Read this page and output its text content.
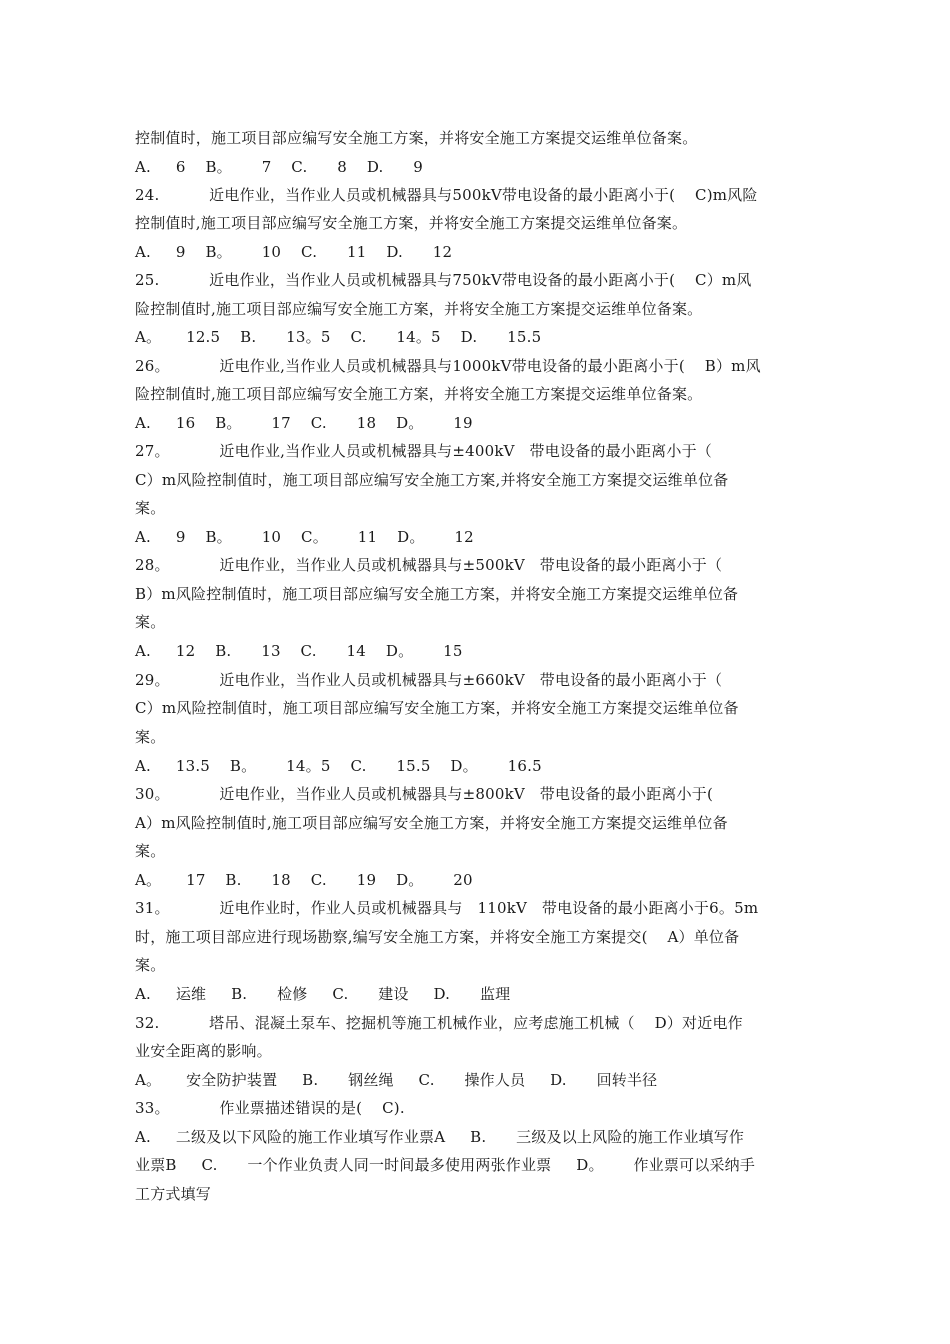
控制值时，施工项目部应编写安全施工方案，并将安全施工方案提交运维单位备案。
A.     6    B。      7    C.      8    D.      9
24.          近电作业，当作业人员或机械器具与500kV带电设备的最小距离小于(    C)m风险
控制值时,施工项目部应编写安全施工方案，并将安全施工方案提交运维单位备案。
A.     9    B。      10    C.      11    D.      12
25.          近电作业，当作业人员或机械器具与750kV带电设备的最小距离小于(    C）m风
险控制值时,施工项目部应编写安全施工方案，并将安全施工方案提交运维单位备案。
A。     12.5    B.      13。5    C.      14。5    D.      15.5
26。          近电作业,当作业人员或机械器具与1000kV带电设备的最小距离小于(    B）m风
险控制值时,施工项目部应编写安全施工方案，并将安全施工方案提交运维单位备案。
A.     16    B。      17    C.      18    D。      19
27。          近电作业,当作业人员或机械器具与±400kV   带电设备的最小距离小于（
C）m风险控制值时，施工项目部应编写安全施工方案,并将安全施工方案提交运维单位备
案。
A.     9    B。      10    C。      11    D。      12
28。          近电作业，当作业人员或机械器具与±500kV   带电设备的最小距离小于（
B）m风险控制值时，施工项目部应编写安全施工方案，并将安全施工方案提交运维单位备
案。
A.     12    B.      13    C.      14    D。      15
29。          近电作业，当作业人员或机械器具与±660kV   带电设备的最小距离小于（
C）m风险控制值时，施工项目部应编写安全施工方案，并将安全施工方案提交运维单位备
案。
A.     13.5    B。      14。5    C.      15.5    D。      16.5
30。          近电作业，当作业人员或机械器具与±800kV   带电设备的最小距离小于(
A）m风险控制值时,施工项目部应编写安全施工方案，并将安全施工方案提交运维单位备
案。
A。     17    B.      18    C.      19    D。      20
31。          近电作业时，作业人员或机械器具与   110kV   带电设备的最小距离小于6。5m
时，施工项目部应进行现场勘察,编写安全施工方案，并将安全施工方案提交(    A）单位备
案。
A.     运维     B.      检修     C.      建设     D.      监理
32.          塔吊、混凝土泵车、挖掘机等施工机械作业，应考虑施工机械（    D）对近电作
业安全距离的影响。
A。     安全防护装置     B.      钢丝绳     C.      操作人员     D.      回转半径
33。          作业票描述错误的是(    C).
A.     二级及以下风险的施工作业填写作业票A     B.      三级及以上风险的施工作业填写作
业票B     C.      一个作业负责人同一时间最多使用两张作业票     D。      作业票可以采纳手
工方式填写
